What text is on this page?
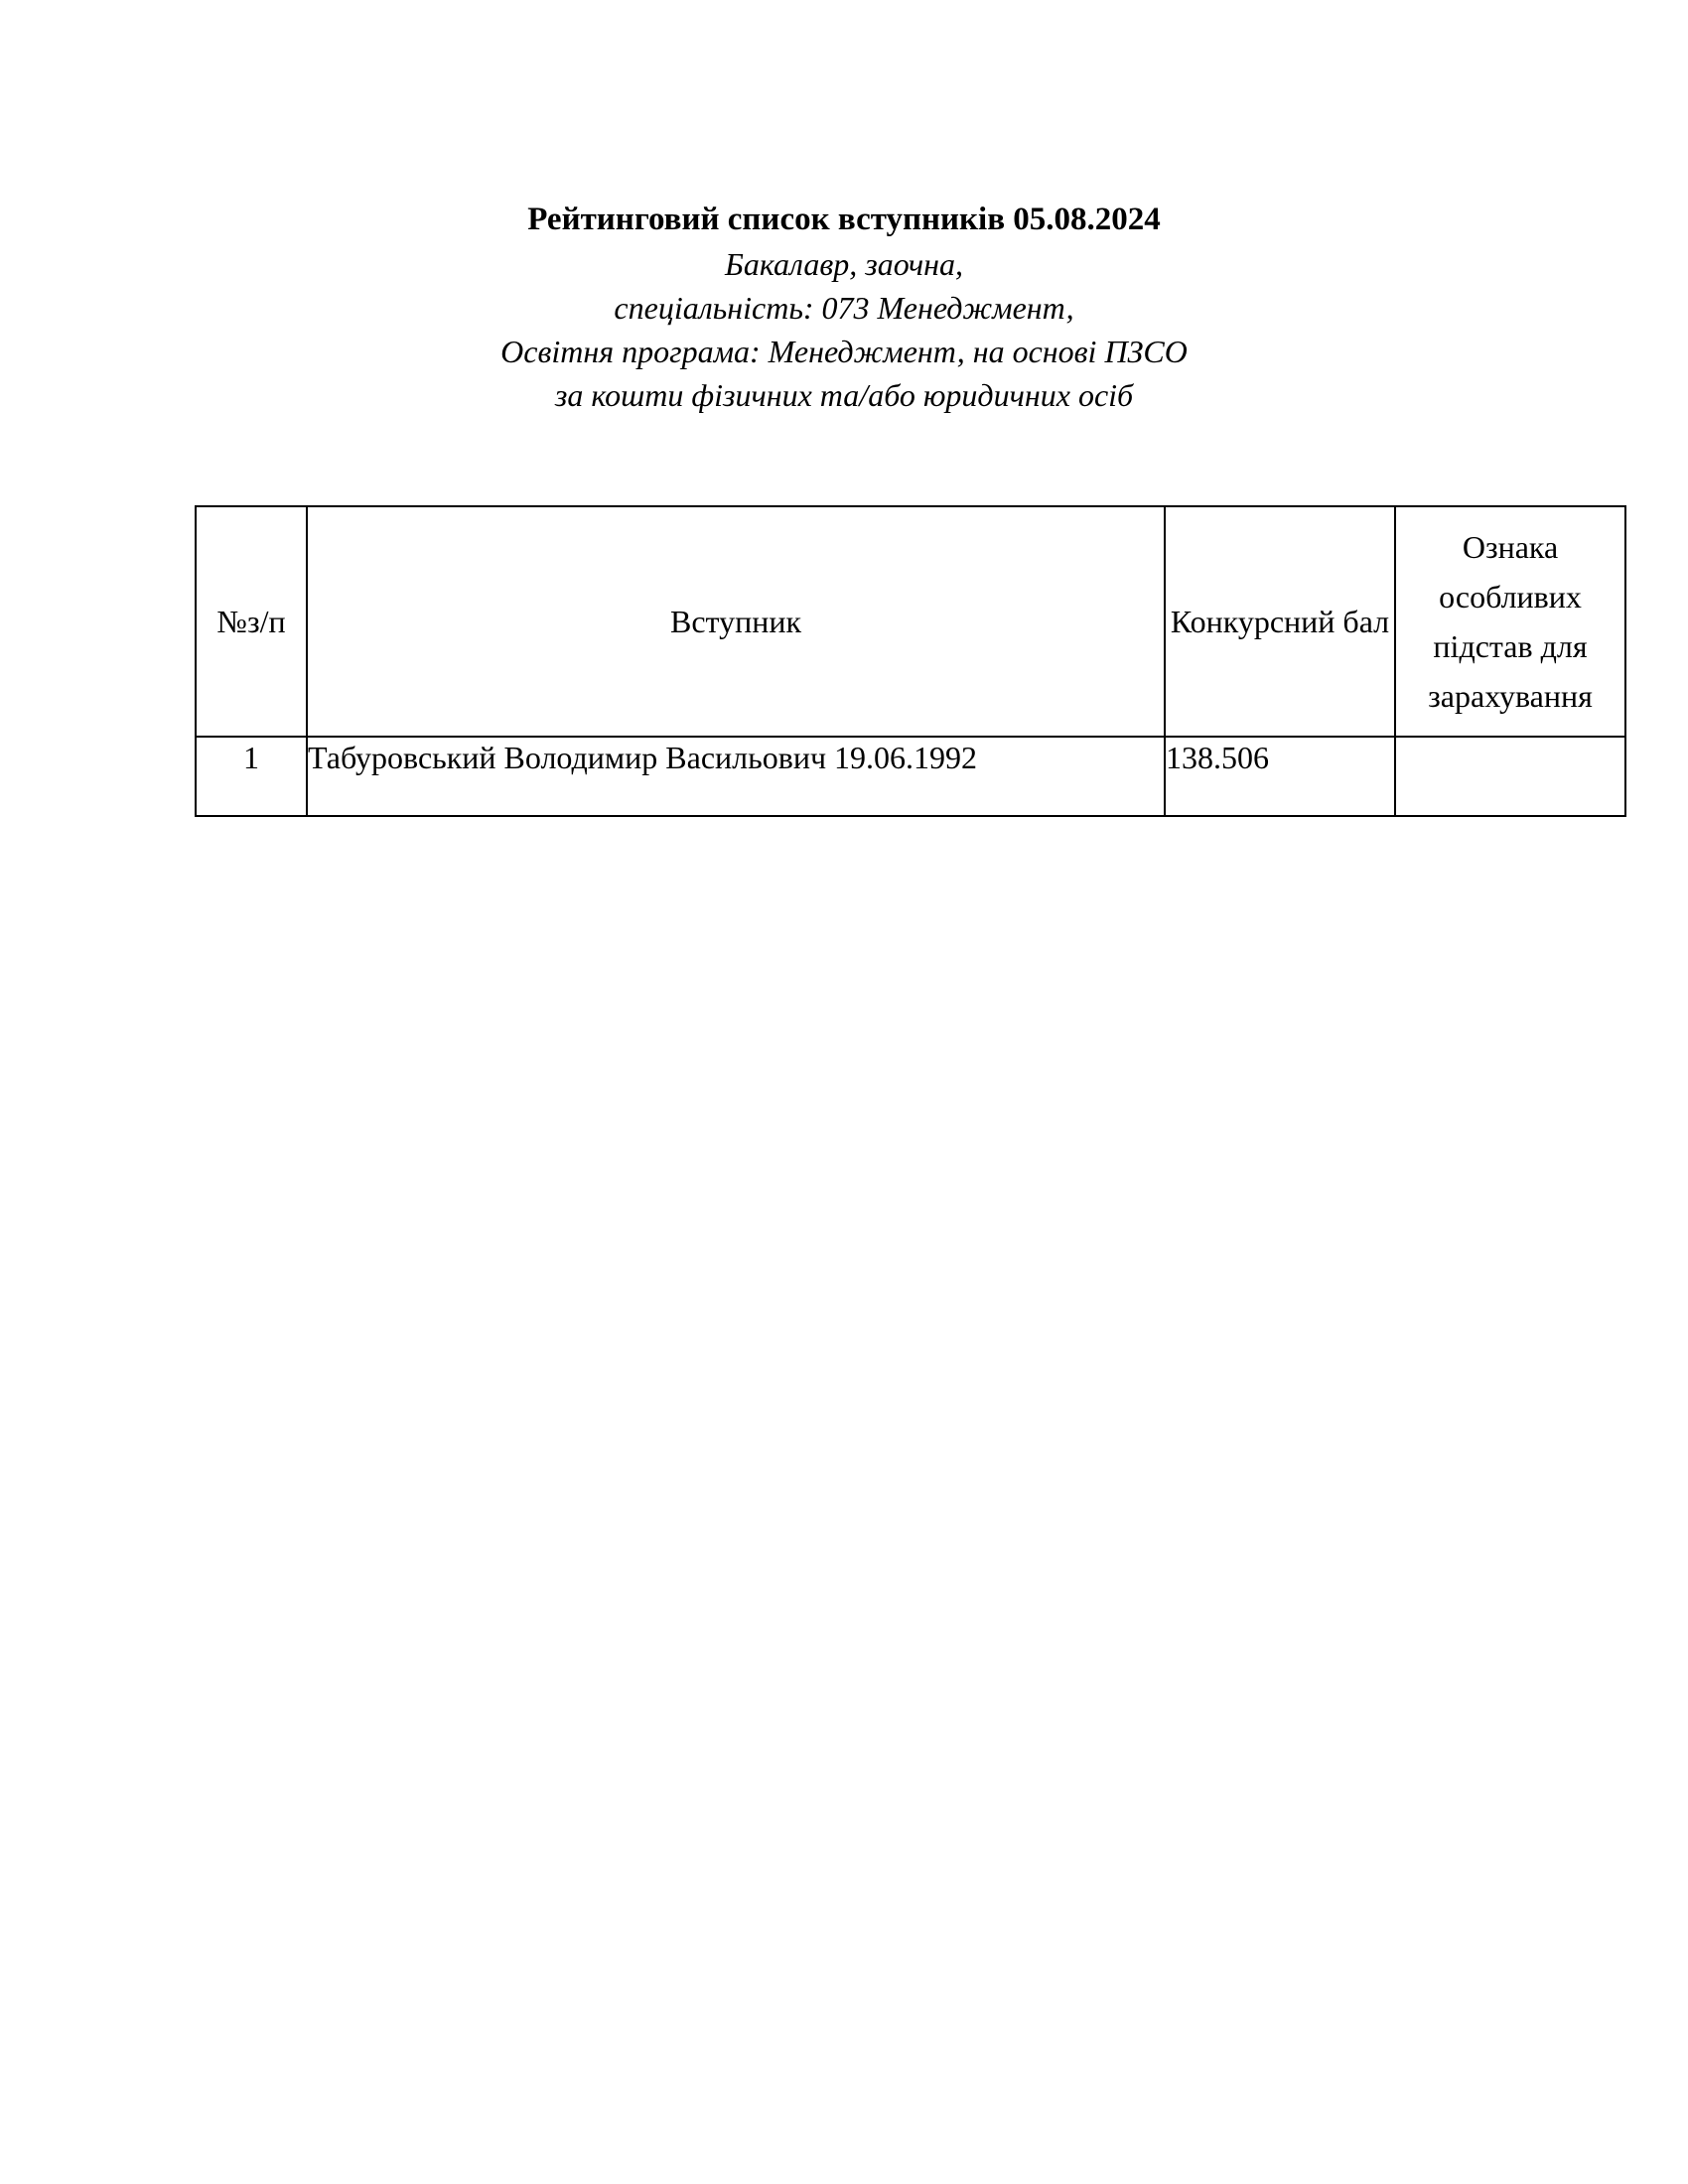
Рейтинговий список вступників 05.08.2024
Бакалавр, заочна,
спеціальність: 073 Менеджмент,
Освітня програма: Менеджмент, на основі ПЗСО
за кошти фізичних та/або юридичних осіб
№з/п	Вступник	Конкурсний бал	Ознака особливих підстав для зарахування
1	Табуровський Володимир Васильович 19.06.1992	138.506	
